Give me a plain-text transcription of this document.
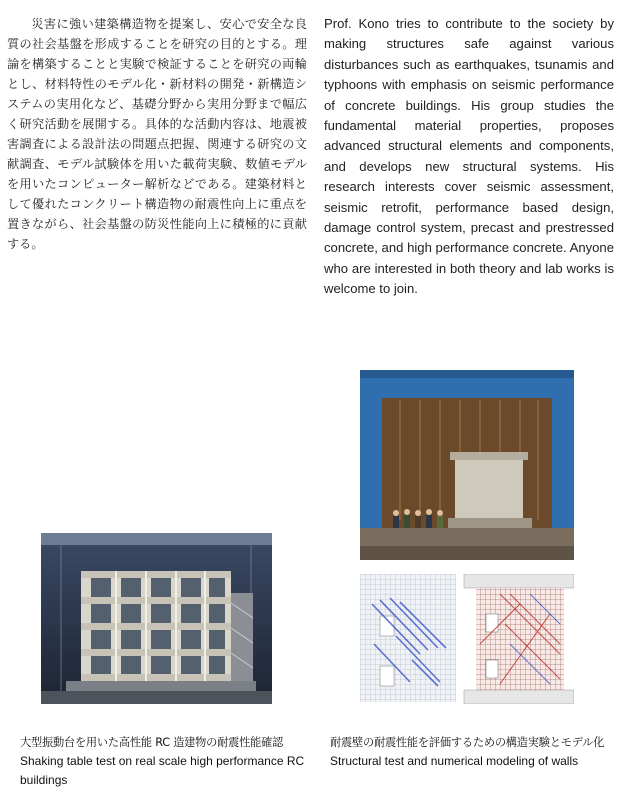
災害に強い建築構造物を提案し、安心で安全な良質の社会基盤を形成することを研究の目的とする。理論を構築することと実験で検証することを研究の両輪とし、材料特性のモデル化・新材料の開発・新構造システムの実用化など、基礎分野から実用分野まで幅広く研究活動を展開する。具体的な活動内容は、地震被害調査による設計法の問題点把握、関連する研究の文献調査、モデル試験体を用いた載荷実験、数値モデルを用いたコンピューター解析などである。建築材料として優れたコンクリート構造物の耐震性向上に重点を置きながら、社会基盤の防災性能向上に積極的に貢献する。
Prof. Kono tries to contribute to the society by making structures safe against various disturbances such as earthquakes, tsunamis and typhoons with emphasis on seismic performance of concrete buildings. His group studies the fundamental material properties, proposes advanced structural elements and components, and develops new structural systems. His research interests cover seismic assessment, seismic retrofit, performance based design, damage control system, precast and prestressed concrete, and high performance concrete. Anyone who are interested in both theory and lab works is welcome to join.
大型振動台を用いた高性能 RC 造建物の耐震性能確認
Shaking table test on real scale high performance RC buildings
耐震壁の耐震性能を評価するための構造実験とモデル化
Structural test and numerical modeling of walls
